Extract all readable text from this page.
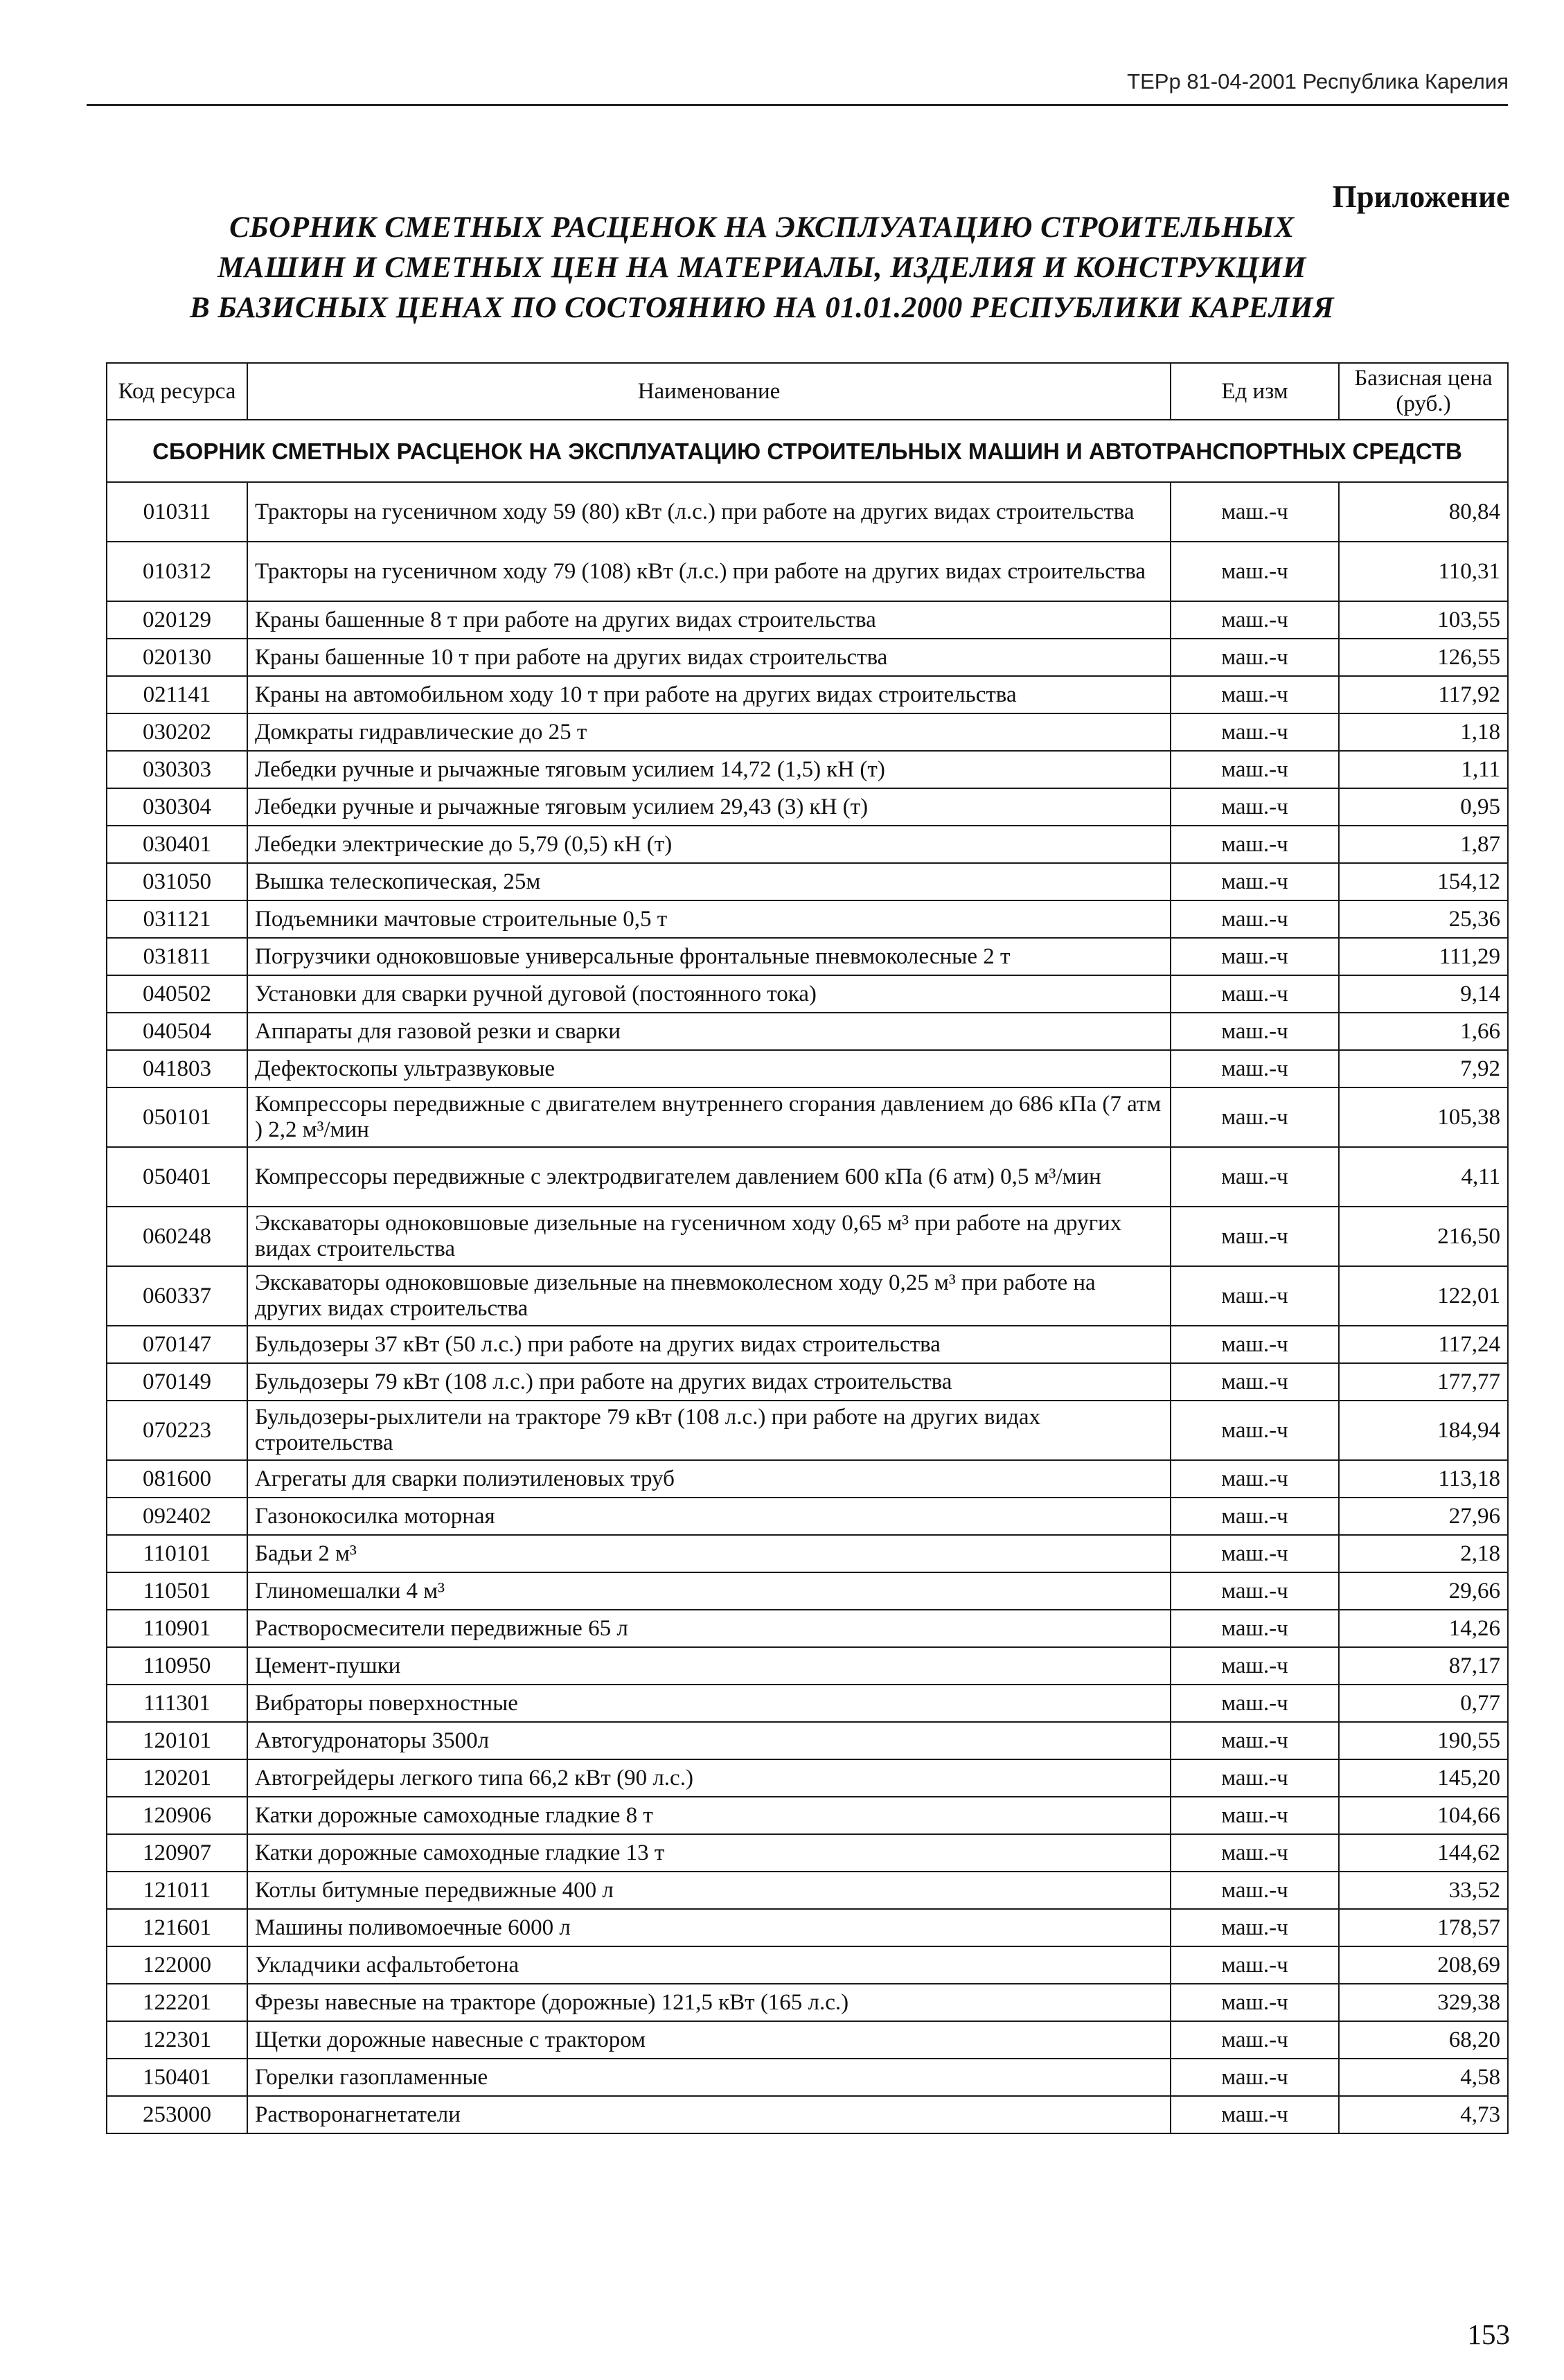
ТЕРр 81-04-2001 Республика Карелия
Приложение
СБОРНИК СМЕТНЫХ РАСЦЕНОК НА ЭКСПЛУАТАЦИЮ СТРОИТЕЛЬНЫХ
МАШИН И СМЕТНЫХ ЦЕН НА МАТЕРИАЛЫ, ИЗДЕЛИЯ И КОНСТРУКЦИИ
В БАЗИСНЫХ ЦЕНАХ ПО СОСТОЯНИЮ НА 01.01.2000 РЕСПУБЛИКИ КАРЕЛИЯ
Код ресурса	Наименование	Ед изм	Базисная цена (руб.)
СБОРНИК СМЕТНЫХ РАСЦЕНОК НА ЭКСПЛУАТАЦИЮ СТРОИТЕЛЬНЫХ МАШИН И АВТОТРАНСПОРТНЫХ СРЕДСТВ			
010311	Тракторы на гусеничном ходу 59 (80) кВт (л.с.) при работе на других видах строительства	маш.-ч	80,84
010312	Тракторы на гусеничном ходу 79 (108) кВт (л.с.) при работе на других видах строительства	маш.-ч	110,31
020129	Краны башенные 8 т при работе на других видах строительства	маш.-ч	103,55
020130	Краны башенные 10 т при работе на других видах строительства	маш.-ч	126,55
021141	Краны на автомобильном ходу 10 т при работе на других видах строительства	маш.-ч	117,92
030202	Домкраты гидравлические до 25 т	маш.-ч	1,18
030303	Лебедки ручные и рычажные тяговым усилием 14,72 (1,5) кН (т)	маш.-ч	1,11
030304	Лебедки ручные и рычажные тяговым усилием 29,43 (3) кН (т)	маш.-ч	0,95
030401	Лебедки электрические до 5,79 (0,5) кН (т)	маш.-ч	1,87
031050	Вышка телескопическая, 25м	маш.-ч	154,12
031121	Подъемники мачтовые строительные 0,5 т	маш.-ч	25,36
031811	Погрузчики одноковшовые универсальные фронтальные пневмоколесные 2 т	маш.-ч	111,29
040502	Установки для сварки ручной дуговой (постоянного тока)	маш.-ч	9,14
040504	Аппараты для газовой резки и сварки	маш.-ч	1,66
041803	Дефектоскопы ультразвуковые	маш.-ч	7,92
050101	Компрессоры передвижные с двигателем внутреннего сгорания давлением до 686 кПа (7 атм ) 2,2 м³/мин	маш.-ч	105,38
050401	Компрессоры передвижные с электродвигателем давлением 600 кПа (6 атм) 0,5 м³/мин	маш.-ч	4,11
060248	Экскаваторы одноковшовые дизельные на гусеничном ходу 0,65 м³ при работе на других видах строительства	маш.-ч	216,50
060337	Экскаваторы одноковшовые дизельные на пневмоколесном ходу 0,25 м³ при работе на других видах строительства	маш.-ч	122,01
070147	Бульдозеры 37 кВт (50 л.с.) при работе на других видах строительства	маш.-ч	117,24
070149	Бульдозеры 79 кВт (108 л.с.) при работе на других видах строительства	маш.-ч	177,77
070223	Бульдозеры-рыхлители на тракторе 79 кВт (108 л.с.) при работе на других видах строительства	маш.-ч	184,94
081600	Агрегаты для сварки полиэтиленовых труб	маш.-ч	113,18
092402	Газонокосилка моторная	маш.-ч	27,96
110101	Бадьи 2 м³	маш.-ч	2,18
110501	Глиномешалки 4 м³	маш.-ч	29,66
110901	Растворосмесители передвижные 65 л	маш.-ч	14,26
110950	Цемент-пушки	маш.-ч	87,17
111301	Вибраторы поверхностные	маш.-ч	0,77
120101	Автогудронаторы 3500л	маш.-ч	190,55
120201	Автогрейдеры легкого типа 66,2 кВт (90 л.с.)	маш.-ч	145,20
120906	Катки дорожные самоходные гладкие 8 т	маш.-ч	104,66
120907	Катки дорожные самоходные гладкие 13 т	маш.-ч	144,62
121011	Котлы битумные передвижные 400 л	маш.-ч	33,52
121601	Машины поливомоечные 6000 л	маш.-ч	178,57
122000	Укладчики асфальтобетона	маш.-ч	208,69
122201	Фрезы навесные на тракторе (дорожные) 121,5 кВт (165 л.с.)	маш.-ч	329,38
122301	Щетки дорожные навесные с трактором	маш.-ч	68,20
150401	Горелки газопламенные	маш.-ч	4,58
253000	Растворонагнетатели	маш.-ч	4,73
153
